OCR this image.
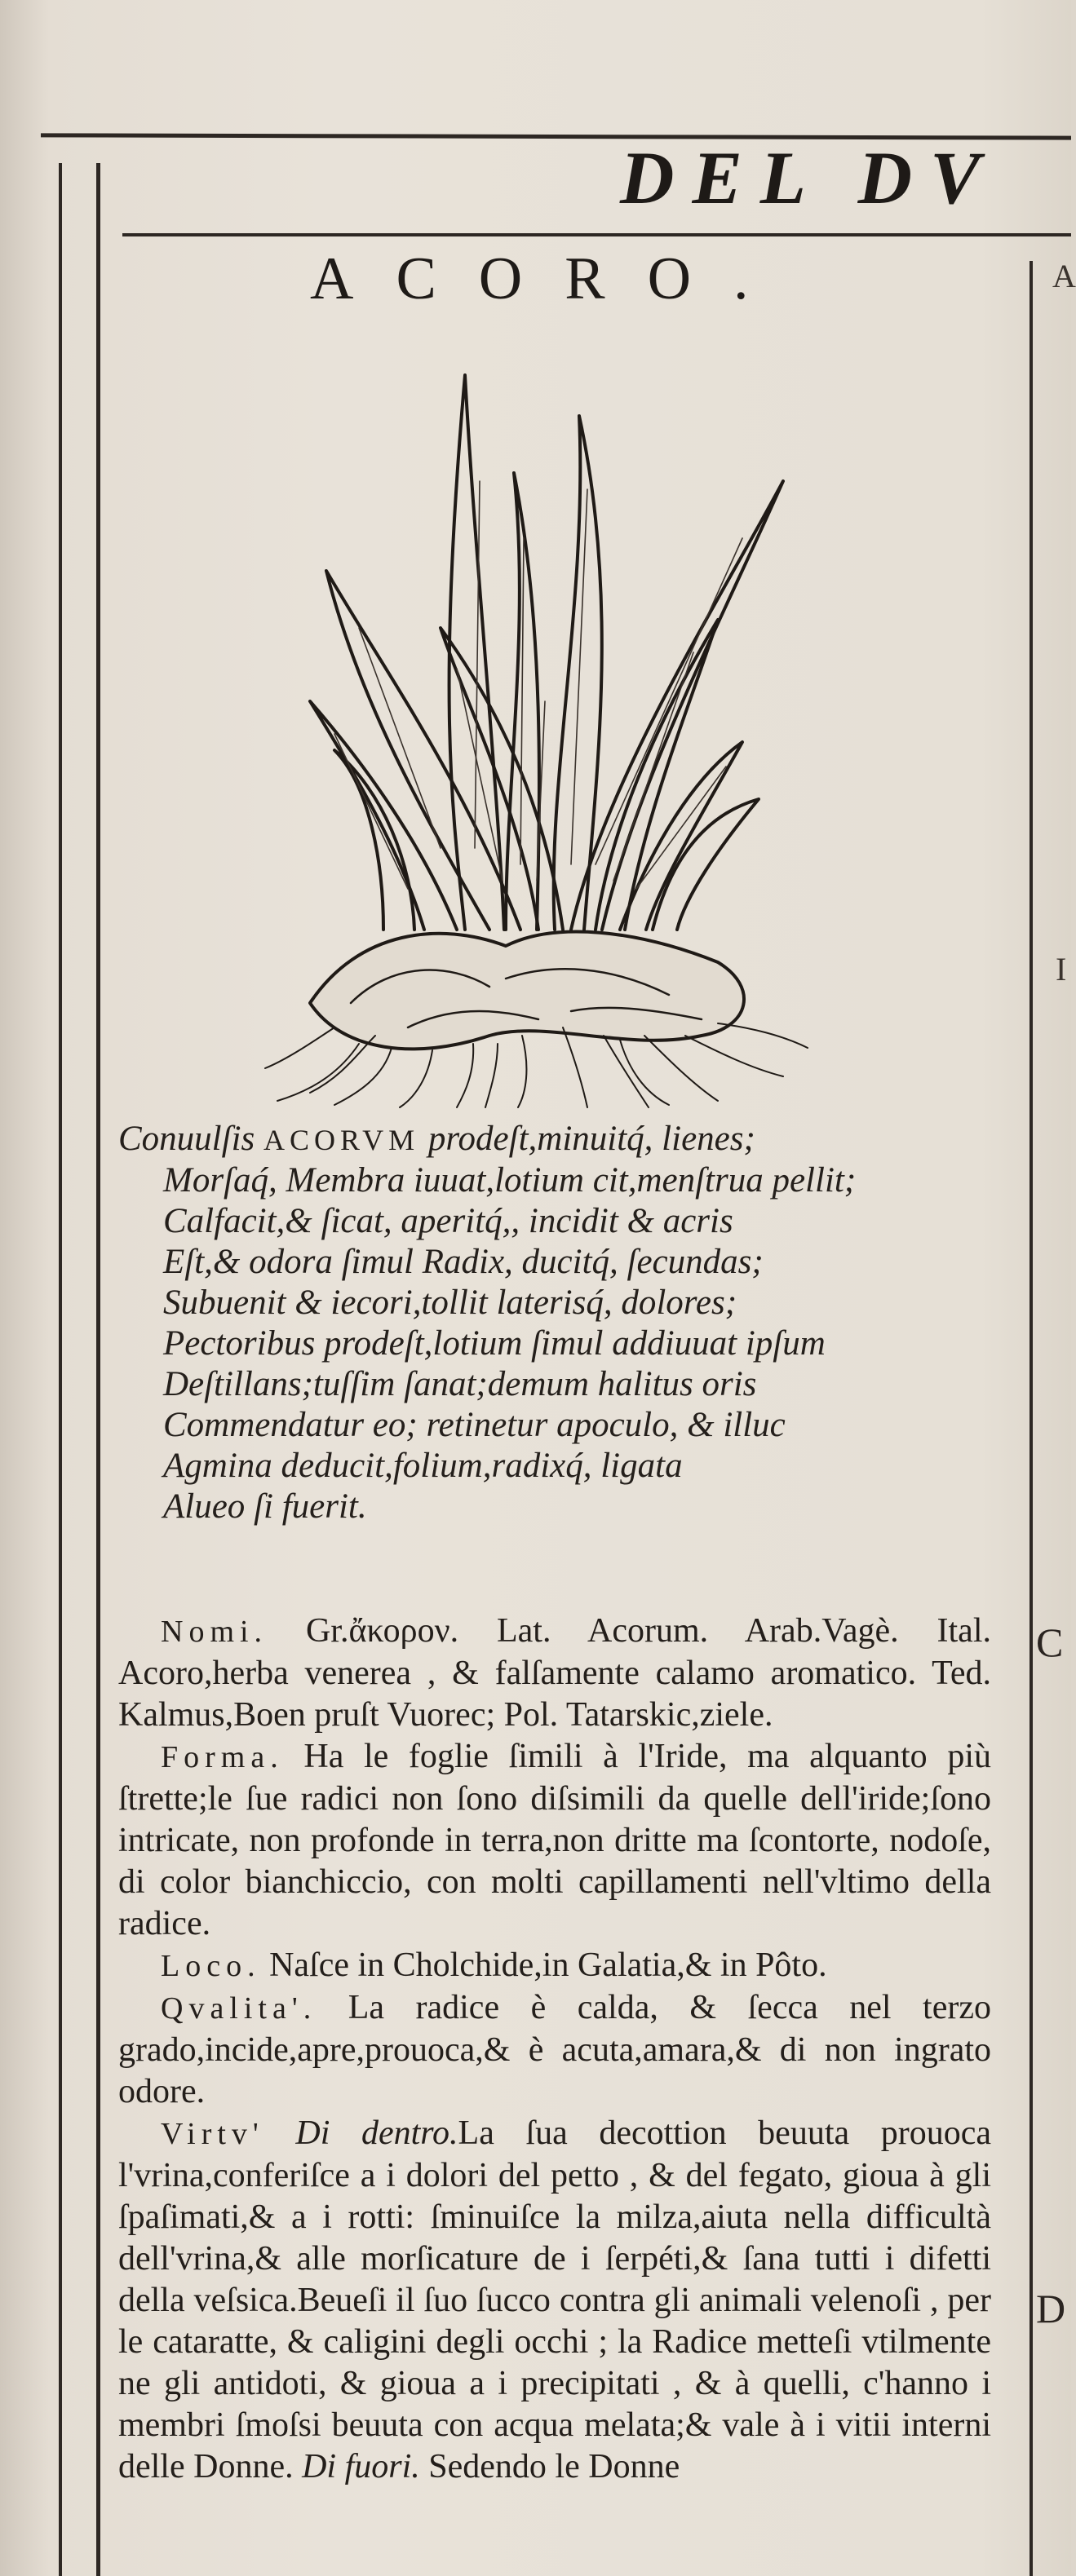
DEL DV
ACORO.
Conuulſis ACORVM prodeſt,minuitq́, lienes;
Morſaq́, Membra iuuat,lotium cit,menſtrua pellit;
Calfacit,& ſicat, aperitq́,, incidit & acris
Eſt,& odora ſimul Radix, ducitq́, ſecundas;
Subuenit & iecori,tollit laterisq́, dolores;
Pectoribus prodeſt,lotium ſimul addiuuat ipſum
Deſtillans;tuſſim ſanat;demum halitus oris
Commendatur eo; retinetur apoculo, & illuc
Agmina deducit,folium,radixq́, ligata
Alueo ſi fuerit.

Nomi. Gr.ἄκορον. Lat. Acorum. Arab.Vagè. Ital. Acoro,herba venerea , & falſamente calamo aromatico. Ted. Kalmus,Boen pruſt Vuorec; Pol. Tatarskic,ziele.

Forma. Ha le foglie ſimili à l'Iride, ma alquanto più ſtrette;le ſue radici non ſono diſsimili da quelle dell'iride;ſono intricate, non profonde in terra,non dritte ma ſcontorte, nodoſe, di color bianchiccio, con molti capillamenti nell'vltimo della radice.

Loco. Naſce in Cholchide,in Galatia,& in Pôto.

Qvalita'. La radice è calda, & ſecca nel terzo grado,incide,apre,prouoca,& è acuta,amara,& di non ingrato odore.

Virtv' Di dentro.La ſua decottion beuuta prouoca l'vrina,conferiſce a i dolori del petto , & del fegato, gioua à gli ſpaſimati,& a i rotti: ſminuiſce la milza,aiuta nella difficultà dell'vrina,& alle morſicature de i ſerpéti,& ſana tutti i difetti della veſsica.Beueſi il ſuo ſucco contra gli animali velenoſi , per le cataratte, & caligini degli occhi ; la Radice metteſi vtilmente ne gli antidoti, & gioua a i precipitati , & à quelli, c'hanno i membri ſmoſsi beuuta con acqua melata;& vale à i vitii interni delle Donne. Di fuori. Sedendo le Donne

C
D
A
I
